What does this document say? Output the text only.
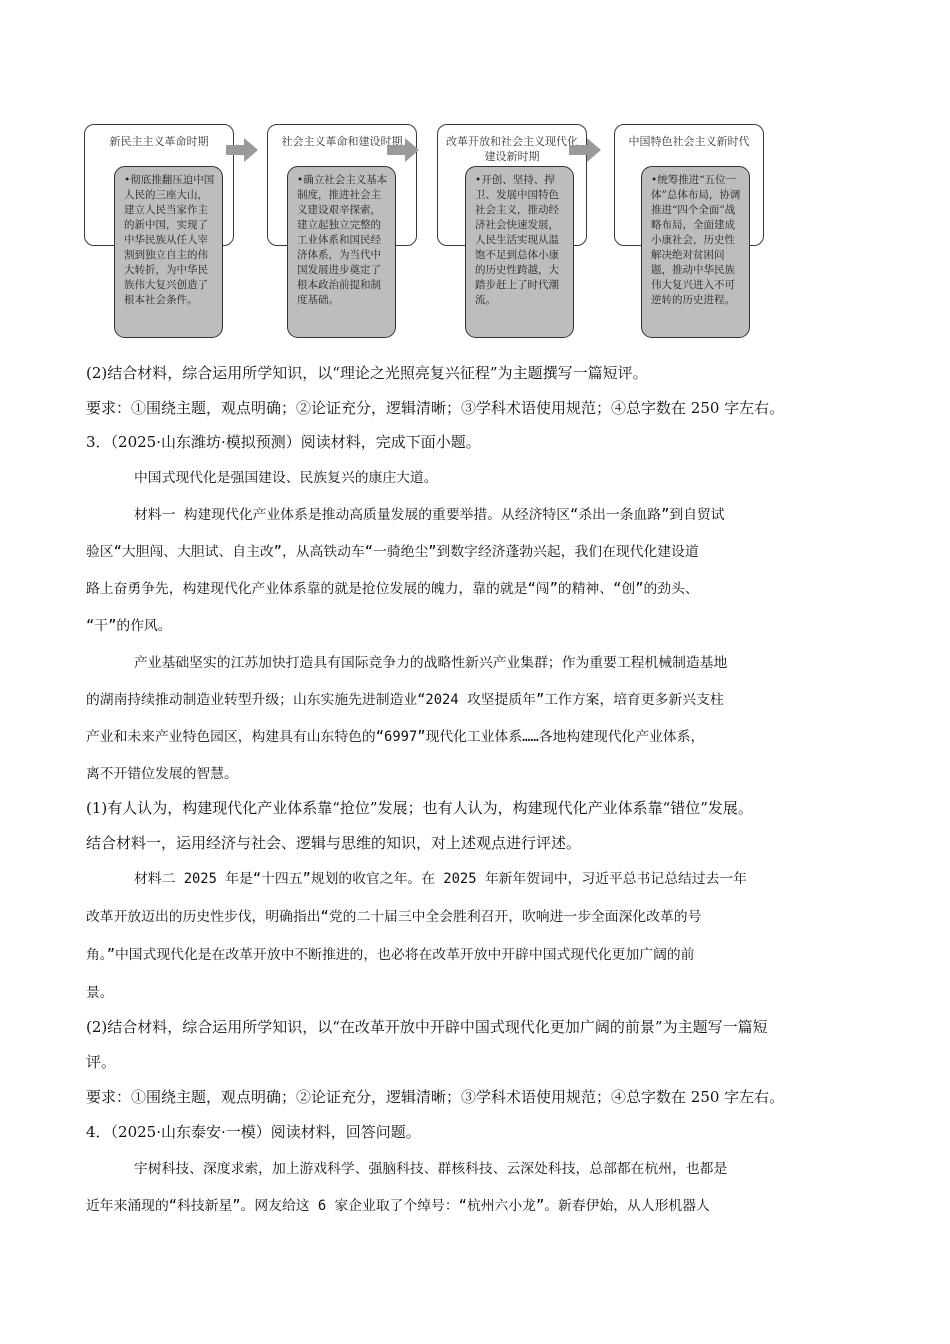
新民主主义革命时期
•彻底推翻压迫中国人民的三座大山，建立人民当家作主的新中国，实现了中华民族从任人宰割到独立自主的伟大转折，为中华民族伟大复兴创造了根本社会条件。
社会主义革命和建设时期
•确立社会主义基本制度，推进社会主义建设艰辛探索，建立起独立完整的工业体系和国民经济体系，为当代中国发展进步奠定了根本政治前提和制度基础。
改革开放和社会主义现代化建设新时期
•开创、坚持、捍卫、发展中国特色社会主义，推动经济社会快速发展，人民生活实现从温饱不足到总体小康的历史性跨越，大踏步赶上了时代潮流。
中国特色社会主义新时代
•统筹推进“五位一体”总体布局，协调推进“四个全面”战略布局，全面建成小康社会，历史性解决绝对贫困问题，推动中华民族伟大复兴进入不可逆转的历史进程。
(2)结合材料，综合运用所学知识，以“理论之光照亮复兴征程”为主题撰写一篇短评。
要求：①围绕主题，观点明确；②论证充分，逻辑清晰；③学科术语使用规范；④总字数在 250 字左右。
3．（2025·山东潍坊·模拟预测）阅读材料，完成下面小题。
中国式现代化是强国建设、民族复兴的康庄大道。
材料一 构建现代化产业体系是推动高质量发展的重要举措。从经济特区“杀出一条血路”到自贸试
验区“大胆闯、大胆试、自主改”，从高铁动车“一骑绝尘”到数字经济蓬勃兴起，我们在现代化建设道
路上奋勇争先，构建现代化产业体系靠的就是抢位发展的魄力，靠的就是“闯”的精神、“创”的劲头、
“干”的作风。
产业基础坚实的江苏加快打造具有国际竞争力的战略性新兴产业集群；作为重要工程机械制造基地
的湖南持续推动制造业转型升级；山东实施先进制造业“2024 攻坚提质年”工作方案，培育更多新兴支柱
产业和未来产业特色园区，构建具有山东特色的“6997”现代化工业体系……各地构建现代化产业体系，
离不开错位发展的智慧。
(1)有人认为，构建现代化产业体系靠“抢位”发展；也有人认为，构建现代化产业体系靠“错位”发展。
结合材料一，运用经济与社会、逻辑与思维的知识，对上述观点进行评述。
材料二 2025 年是“十四五”规划的收官之年。在 2025 年新年贺词中，习近平总书记总结过去一年
改革开放迈出的历史性步伐，明确指出“党的二十届三中全会胜利召开，吹响进一步全面深化改革的号
角。”中国式现代化是在改革开放中不断推进的，也必将在改革开放中开辟中国式现代化更加广阔的前
景。
(2)结合材料，综合运用所学知识，以“在改革开放中开辟中国式现代化更加广阔的前景”为主题写一篇短
评。
要求：①围绕主题，观点明确；②论证充分，逻辑清晰；③学科术语使用规范；④总字数在 250 字左右。
4．（2025·山东泰安·一模）阅读材料，回答问题。
宇树科技、深度求索，加上游戏科学、强脑科技、群核科技、云深处科技，总部都在杭州，也都是
近年来涌现的“科技新星”。网友给这 6 家企业取了个绰号：“杭州六小龙”。新春伊始，从人形机器人
